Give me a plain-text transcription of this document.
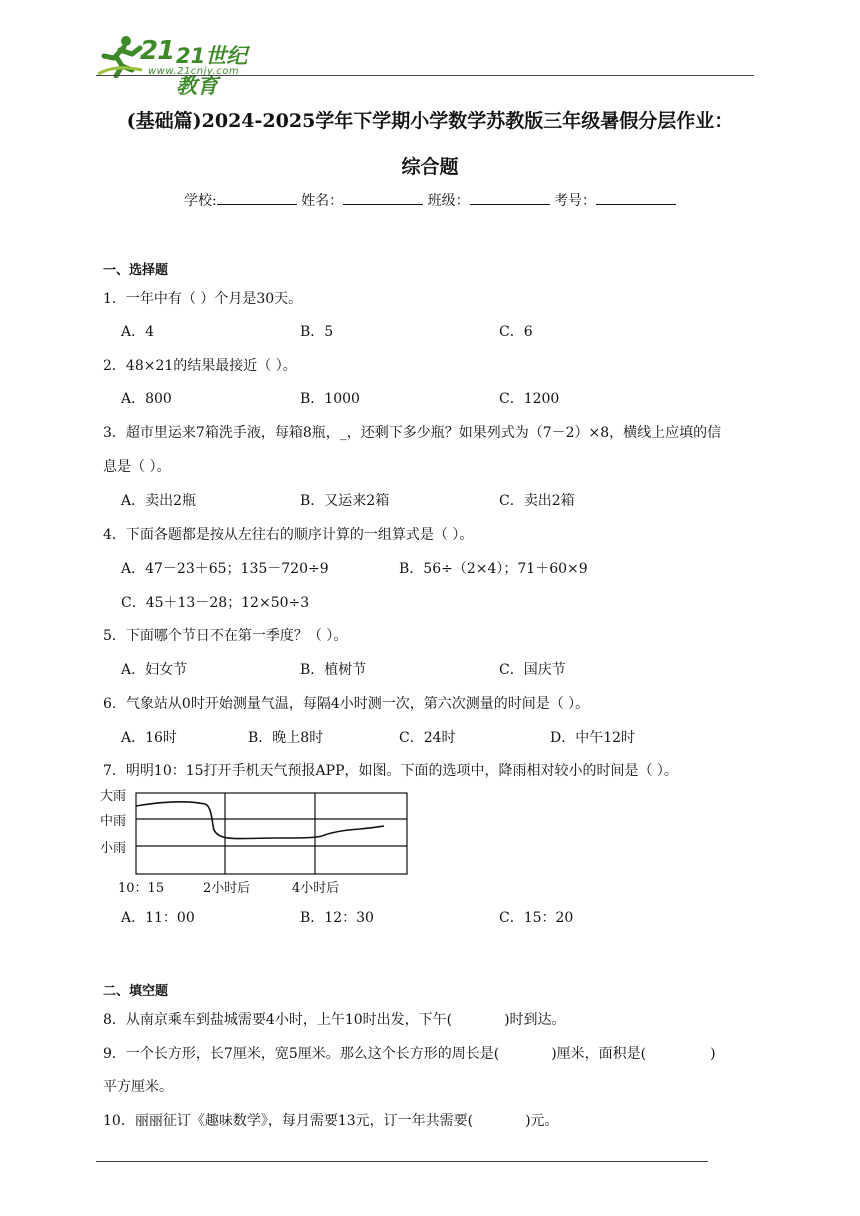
21 21世纪教育
www.21cnjy.com
(基础篇)2024-2025学年下学期小学数学苏教版三年级暑假分层作业：
综合题
学校:	姓名：	班级：	考号：
一、选择题
1．一年中有（ ）个月是30天。
A．4	B．5	C．6
2．48×21的结果最接近（ ）。
A．800	B．1000	C．1200
3．超市里运来7箱洗手液，每箱8瓶，_，还剩下多少瓶？如果列式为（7－2）×8，横线上应填的信
息是（ ）。
A．卖出2瓶	B．又运来2箱	C．卖出2箱
4．下面各题都是按从左往右的顺序计算的一组算式是（ ）。
A．47－23＋65；135－720÷9	B．56÷（2×4）；71＋60×9
C．45＋13－28；12×50÷3
5．下面哪个节日不在第一季度？（ ）。
A．妇女节	B．植树节	C．国庆节
6．气象站从0时开始测量气温，每隔4小时测一次，第六次测量的时间是（ ）。
A．16时	B．晚上8时	C．24时	D．中午12时
7．明明10：15打开手机天气预报APP，如图。下面的选项中，降雨相对较小的时间是（ ）。
大雨
中雨
小雨
10：15	2小时后	4小时后
A．11：00	B．12：30	C．15：20
二、填空题
8．从南京乘车到盐城需要4小时，上午10时出发，下午(	)时到达。
9．一个长方形，长7厘米，宽5厘米。那么这个长方形的周长是(	)厘米，面积是(	)
平方厘米。
10．丽丽征订《趣味数学》，每月需要13元，订一年共需要(	)元。
